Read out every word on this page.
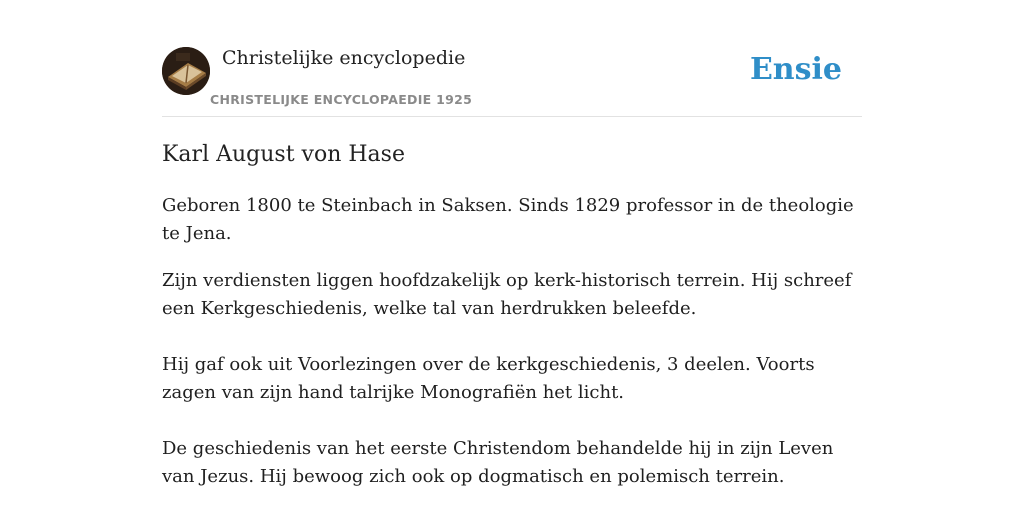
Christelijke encyclopedie
CHRISTELIJKE ENCYCLOPAEDIE 1925
Ensie
Karl August von Hase

Geboren 1800 te Steinbach in Saksen. Sinds 1829 professor in de theologie te Jena.

Zijn verdiensten liggen hoofdzakelijk op kerk-historisch terrein. Hij schreef een Kerkgeschiedenis, welke tal van herdrukken beleefde.

Hij gaf ook uit Voorlezingen over de kerkgeschiedenis, 3 deelen. Voorts zagen van zijn hand talrijke Monografiën het licht.

De geschiedenis van het eerste Christendom behandelde hij in zijn Leven van Jezus. Hij bewoog zich ook op dogmatisch en polemisch terrein.
